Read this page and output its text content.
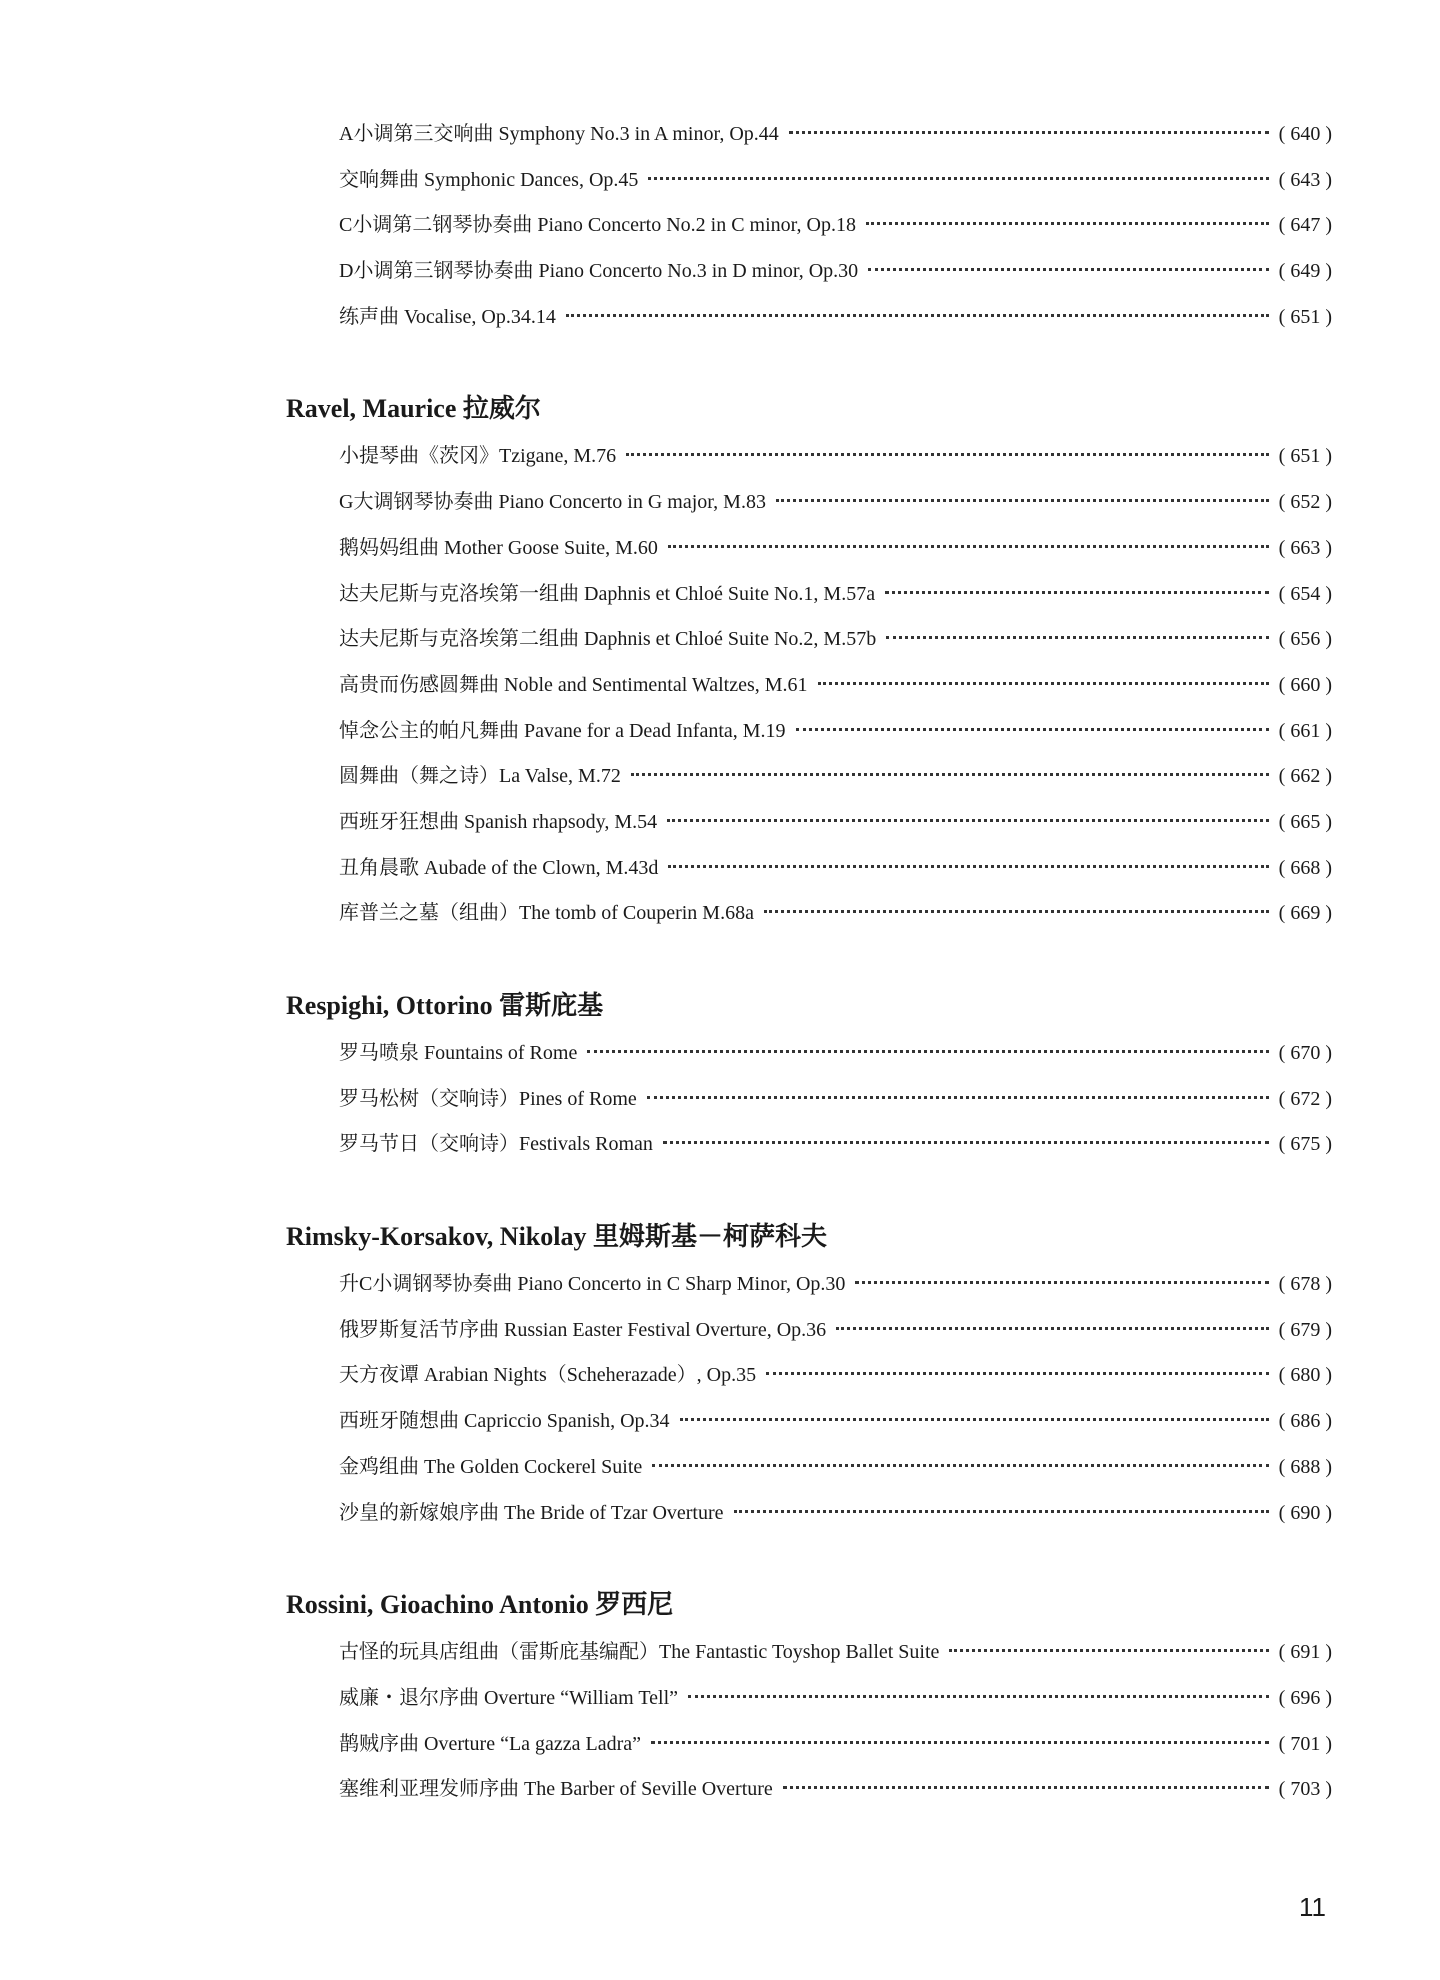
A小调第三交响曲 Symphony No.3 in A minor, Op.44	( 640 )
交响舞曲 Symphonic Dances, Op.45	( 643 )
C小调第二钢琴协奏曲 Piano Concerto No.2 in C minor, Op.18	( 647 )
D小调第三钢琴协奏曲 Piano Concerto No.3 in D minor, Op.30	( 649 )
练声曲 Vocalise, Op.34.14	( 651 )
Ravel, Maurice 拉威尔
小提琴曲《茨冈》Tzigane, M.76	( 651 )
G大调钢琴协奏曲 Piano Concerto in G major, M.83	( 652 )
鹅妈妈组曲 Mother Goose Suite, M.60	( 663 )
达夫尼斯与克洛埃第一组曲 Daphnis et Chloé Suite No.1, M.57a	( 654 )
达夫尼斯与克洛埃第二组曲 Daphnis et Chloé Suite No.2, M.57b	( 656 )
高贵而伤感圆舞曲 Noble and Sentimental Waltzes, M.61	( 660 )
悼念公主的帕凡舞曲 Pavane for a Dead Infanta, M.19	( 661 )
圆舞曲（舞之诗）La Valse, M.72	( 662 )
西班牙狂想曲 Spanish rhapsody, M.54	( 665 )
丑角晨歌 Aubade of the Clown, M.43d	( 668 )
库普兰之墓（组曲）The tomb of Couperin M.68a	( 669 )
Respighi, Ottorino 雷斯庇基
罗马喷泉 Fountains of Rome	( 670 )
罗马松树（交响诗）Pines of Rome	( 672 )
罗马节日（交响诗）Festivals Roman	( 675 )
Rimsky-Korsakov, Nikolay 里姆斯基－柯萨科夫
升C小调钢琴协奏曲 Piano Concerto in C Sharp Minor, Op.30	( 678 )
俄罗斯复活节序曲 Russian Easter Festival Overture, Op.36	( 679 )
天方夜谭 Arabian Nights（Scheherazade）, Op.35	( 680 )
西班牙随想曲 Capriccio Spanish, Op.34	( 686 )
金鸡组曲 The Golden Cockerel Suite	( 688 )
沙皇的新嫁娘序曲 The Bride of Tzar Overture	( 690 )
Rossini, Gioachino Antonio 罗西尼
古怪的玩具店组曲（雷斯庇基编配）The Fantastic Toyshop Ballet Suite	( 691 )
威廉・退尔序曲 Overture “William Tell”	( 696 )
鹊贼序曲 Overture “La gazza Ladra”	( 701 )
塞维利亚理发师序曲 The Barber of Seville Overture	( 703 )
11
